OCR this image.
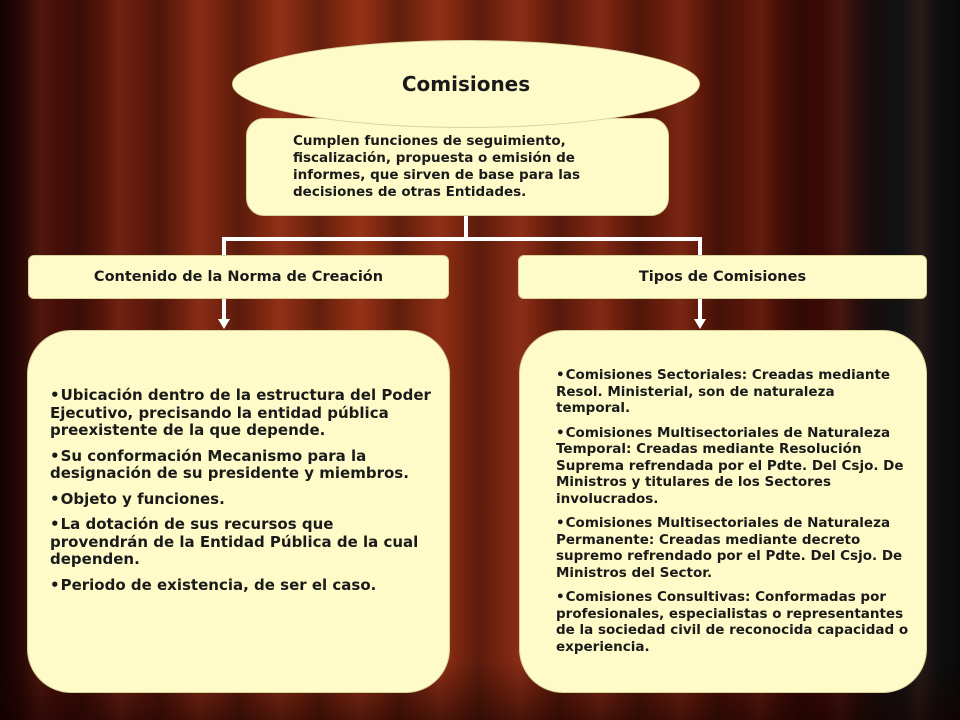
Cumplen funciones de seguimiento, fiscalización, propuesta o emisión de informes, que sirven de base para las decisiones de otras Entidades.
Comisiones
Contenido de la Norma de Creación	Tipos de Comisiones
•Ubicación dentro de la estructura del Poder Ejecutivo, precisando la entidad pública preexistente de la que depende.
•Su conformación Mecanismo para la designación de su presidente y miembros.
•Objeto y funciones.
•La dotación de sus recursos que provendrán de la Entidad Pública de la cual dependen.
•Periodo de existencia, de ser el caso.
•Comisiones Sectoriales: Creadas mediante Resol. Ministerial, son de naturaleza temporal.
•Comisiones Multisectoriales de Naturaleza Temporal: Creadas mediante Resolución Suprema refrendada por el Pdte. Del Csjo. De Ministros y titulares de los Sectores involucrados.
•Comisiones Multisectoriales de Naturaleza Permanente: Creadas mediante decreto supremo refrendado por el Pdte. Del Csjo. De Ministros del Sector.
•Comisiones Consultivas: Conformadas por profesionales, especialistas o representantes de la sociedad civil de reconocida capacidad o experiencia.
